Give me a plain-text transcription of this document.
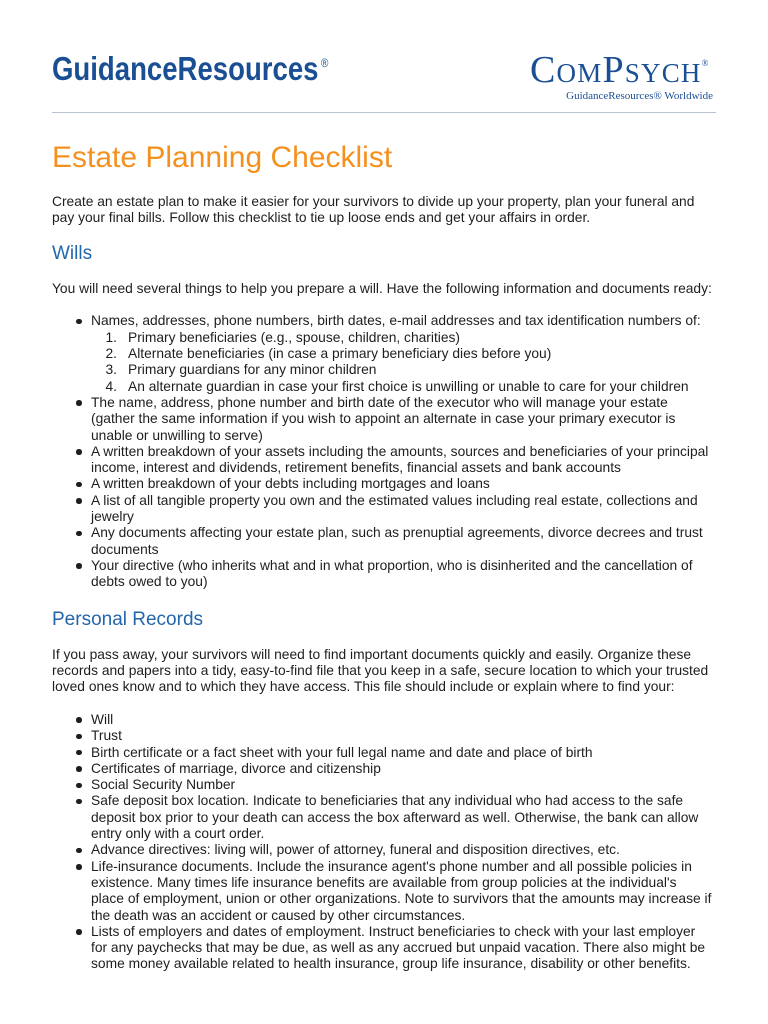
GuidanceResources ®	ComPsych®
GuidanceResources® Worldwide
Estate Planning Checklist
Create an estate plan to make it easier for your survivors to divide up your property, plan your funeral and
pay your final bills. Follow this checklist to tie up loose ends and get your affairs in order.
Wills
You will need several things to help you prepare a will. Have the following information and documents ready:
Names, addresses, phone numbers, birth dates, e-mail addresses and tax identification numbers of:
1. Primary beneficiaries (e.g., spouse, children, charities)
2. Alternate beneficiaries (in case a primary beneficiary dies before you)
3. Primary guardians for any minor children
4. An alternate guardian in case your first choice is unwilling or unable to care for your children
The name, address, phone number and birth date of the executor who will manage your estate
(gather the same information if you wish to appoint an alternate in case your primary executor is
unable or unwilling to serve)
A written breakdown of your assets including the amounts, sources and beneficiaries of your principal
income, interest and dividends, retirement benefits, financial assets and bank accounts
A written breakdown of your debts including mortgages and loans
A list of all tangible property you own and the estimated values including real estate, collections and
jewelry
Any documents affecting your estate plan, such as prenuptial agreements, divorce decrees and trust
documents
Your directive (who inherits what and in what proportion, who is disinherited and the cancellation of
debts owed to you)
Personal Records
If you pass away, your survivors will need to find important documents quickly and easily. Organize these
records and papers into a tidy, easy-to-find file that you keep in a safe, secure location to which your trusted
loved ones know and to which they have access. This file should include or explain where to find your:
Will
Trust
Birth certificate or a fact sheet with your full legal name and date and place of birth
Certificates of marriage, divorce and citizenship
Social Security Number
Safe deposit box location. Indicate to beneficiaries that any individual who had access to the safe
deposit box prior to your death can access the box afterward as well. Otherwise, the bank can allow
entry only with a court order.
Advance directives: living will, power of attorney, funeral and disposition directives, etc.
Life-insurance documents. Include the insurance agent's phone number and all possible policies in
existence. Many times life insurance benefits are available from group policies at the individual's
place of employment, union or other organizations. Note to survivors that the amounts may increase if
the death was an accident or caused by other circumstances.
Lists of employers and dates of employment. Instruct beneficiaries to check with your last employer
for any paychecks that may be due, as well as any accrued but unpaid vacation. There also might be
some money available related to health insurance, group life insurance, disability or other benefits.
